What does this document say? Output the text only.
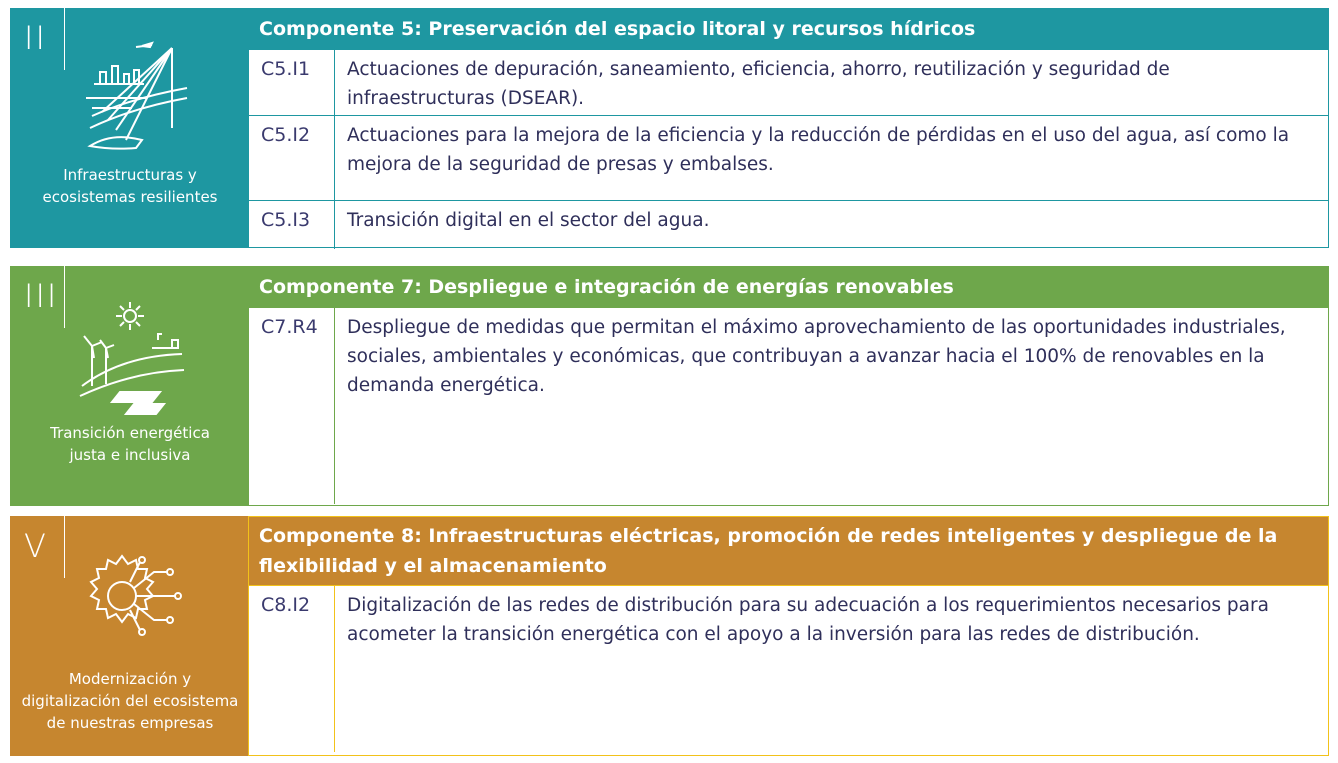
II
Infraestructuras y
ecosistemas resilientes
Componente 5: Preservación del espacio litoral y recursos hídricos
C5.I1	Actuaciones de depuración, saneamiento, eficiencia, ahorro, reutilización y seguridad de infraestructuras (DSEAR).
C5.I2	Actuaciones para la mejora de la eficiencia y la reducción de pérdidas en el uso del agua, así como la mejora de la seguridad de presas y embalses.
C5.I3	Transición digital en el sector del agua.
III
Transición energética
justa e inclusiva
Componente 7: Despliegue e integración de energías renovables
C7.R4	Despliegue de medidas que permitan el máximo aprovechamiento de las oportunidades industriales, sociales, ambientales y económicas, que contribuyan a avanzar hacia el 100% de renovables en la demanda energética.
V
Modernización y
digitalización del ecosistema
de nuestras empresas
Componente 8: Infraestructuras eléctricas, promoción de redes inteligentes y despliegue de la flexibilidad y el almacenamiento
C8.I2	Digitalización de las redes de distribución para su adecuación a los requerimientos necesarios para acometer la transición energética con el apoyo a la inversión para las redes de distribución.
